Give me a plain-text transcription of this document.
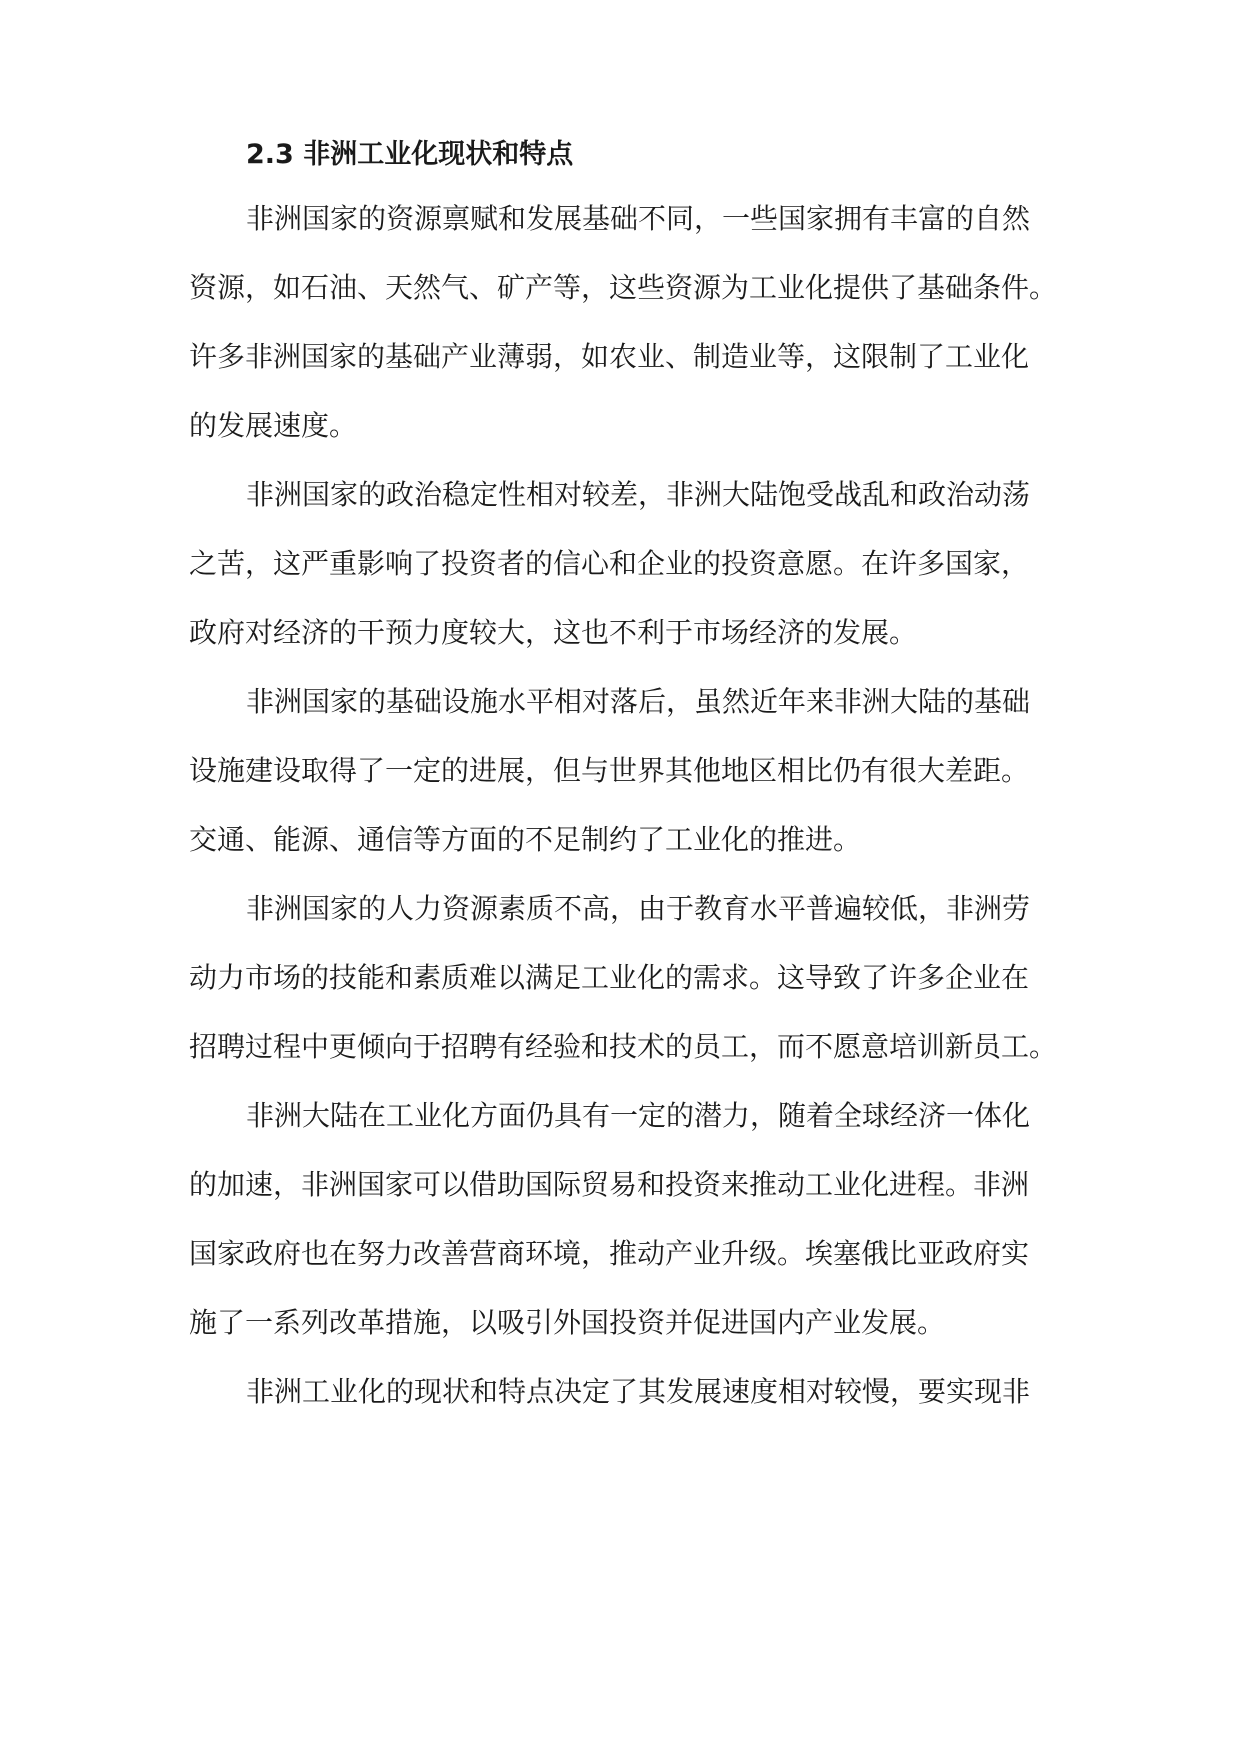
2.3 非洲工业化现状和特点
非洲国家的资源禀赋和发展基础不同，一些国家拥有丰富的自然
资源，如石油、天然气、矿产等，这些资源为工业化提供了基础条件。
许多非洲国家的基础产业薄弱，如农业、制造业等，这限制了工业化
的发展速度。
非洲国家的政治稳定性相对较差，非洲大陆饱受战乱和政治动荡
之苦，这严重影响了投资者的信心和企业的投资意愿。在许多国家，
政府对经济的干预力度较大，这也不利于市场经济的发展。
非洲国家的基础设施水平相对落后，虽然近年来非洲大陆的基础
设施建设取得了一定的进展，但与世界其他地区相比仍有很大差距。
交通、能源、通信等方面的不足制约了工业化的推进。
非洲国家的人力资源素质不高，由于教育水平普遍较低，非洲劳
动力市场的技能和素质难以满足工业化的需求。这导致了许多企业在
招聘过程中更倾向于招聘有经验和技术的员工，而不愿意培训新员工。
非洲大陆在工业化方面仍具有一定的潜力，随着全球经济一体化
的加速，非洲国家可以借助国际贸易和投资来推动工业化进程。非洲
国家政府也在努力改善营商环境，推动产业升级。埃塞俄比亚政府实
施了一系列改革措施，以吸引外国投资并促进国内产业发展。
非洲工业化的现状和特点决定了其发展速度相对较慢，要实现非
